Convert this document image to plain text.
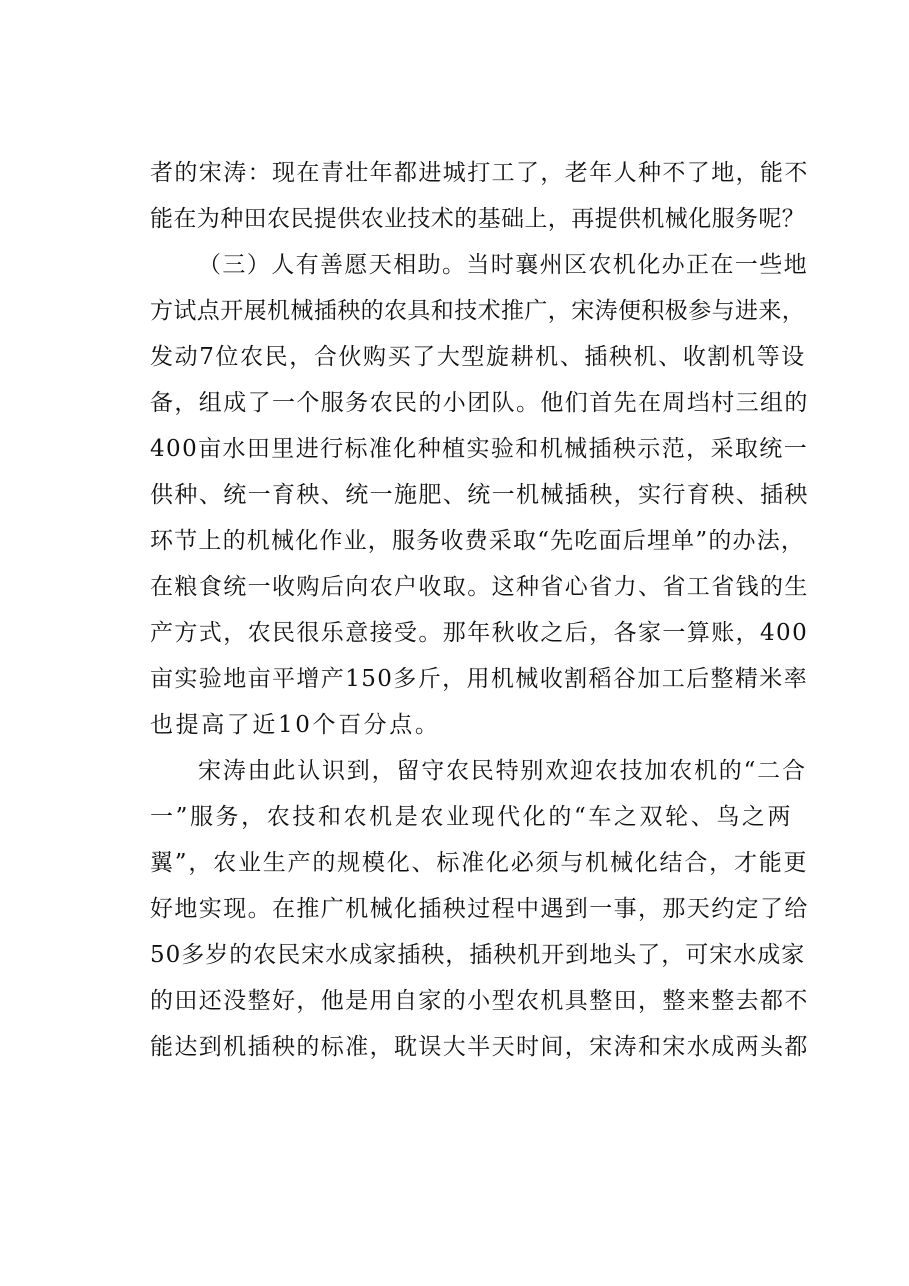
者的宋涛：现在青壮年都进城打工了，老年人种不了地，能不
能在为种田农民提供农业技术的基础上，再提供机械化服务呢？
（三）人有善愿天相助。当时襄州区农机化办正在一些地
方试点开展机械插秧的农具和技术推广，宋涛便积极参与进来，
发动7位农民，合伙购买了大型旋耕机、插秧机、收割机等设
备，组成了一个服务农民的小团队。他们首先在周垱村三组的
400亩水田里进行标准化种植实验和机械插秧示范，采取统一
供种、统一育秧、统一施肥、统一机械插秧，实行育秧、插秧
环节上的机械化作业，服务收费采取“先吃面后埋单”的办法，
在粮食统一收购后向农户收取。这种省心省力、省工省钱的生
产方式，农民很乐意接受。那年秋收之后，各家一算账，400
亩实验地亩平增产150多斤，用机械收割稻谷加工后整精米率
也提高了近10个百分点。
宋涛由此认识到，留守农民特别欢迎农技加农机的“二合
一”服务，农技和农机是农业现代化的“车之双轮、鸟之两
翼”，农业生产的规模化、标准化必须与机械化结合，才能更
好地实现。在推广机械化插秧过程中遇到一事，那天约定了给
50多岁的农民宋水成家插秧，插秧机开到地头了，可宋水成家
的田还没整好，他是用自家的小型农机具整田，整来整去都不
能达到机插秧的标准，耽误大半天时间，宋涛和宋水成两头都
